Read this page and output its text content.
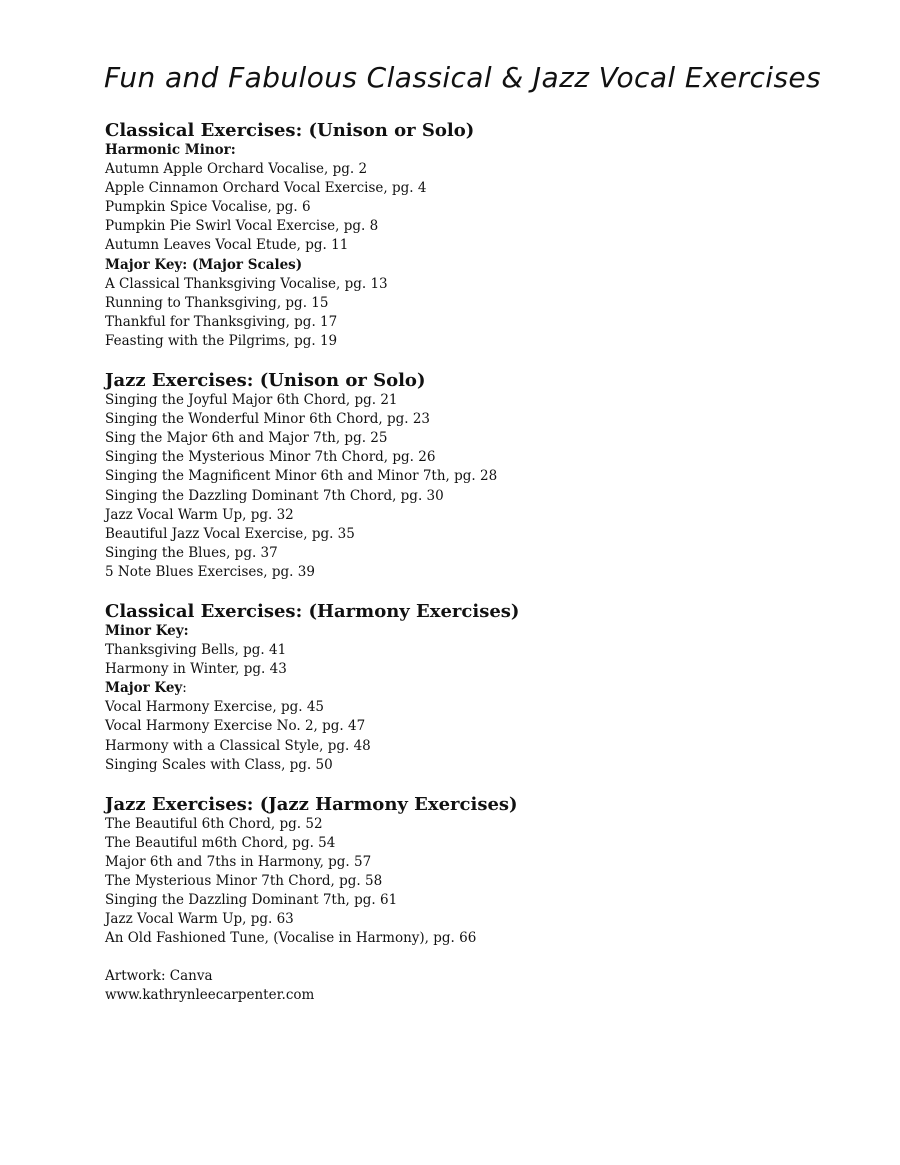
Fun and Fabulous Classical & Jazz Vocal Exercises
Classical Exercises: (Unison or Solo)
Harmonic Minor:
Autumn Apple Orchard Vocalise, pg. 2
Apple Cinnamon Orchard Vocal Exercise, pg. 4
Pumpkin Spice Vocalise, pg. 6
Pumpkin Pie Swirl Vocal Exercise, pg. 8
Autumn Leaves Vocal Etude, pg. 11
Major Key: (Major Scales)
A Classical Thanksgiving Vocalise, pg. 13
Running to Thanksgiving, pg. 15
Thankful for Thanksgiving, pg. 17
Feasting with the Pilgrims, pg. 19
Jazz Exercises: (Unison or Solo)
Singing the Joyful Major 6th Chord, pg. 21
Singing the Wonderful Minor 6th Chord, pg. 23
Sing the Major 6th and Major 7th, pg. 25
Singing the Mysterious Minor 7th Chord, pg. 26
Singing the Magnificent Minor 6th and Minor 7th, pg. 28
Singing the Dazzling Dominant 7th Chord, pg. 30
Jazz Vocal Warm Up, pg. 32
Beautiful Jazz Vocal Exercise, pg. 35
Singing the Blues, pg. 37
5 Note Blues Exercises, pg. 39
Classical Exercises: (Harmony Exercises)
Minor Key:
Thanksgiving Bells, pg. 41
Harmony in Winter, pg. 43
Major Key:
Vocal Harmony Exercise, pg. 45
Vocal Harmony Exercise No. 2, pg. 47
Harmony with a Classical Style, pg. 48
Singing Scales with Class, pg. 50
Jazz Exercises: (Jazz Harmony Exercises)
The Beautiful 6th Chord, pg. 52
The Beautiful m6th Chord, pg. 54
Major 6th and 7ths in Harmony, pg. 57
The Mysterious Minor 7th Chord, pg. 58
Singing the Dazzling Dominant 7th, pg. 61
Jazz Vocal Warm Up, pg. 63
An Old Fashioned Tune, (Vocalise in Harmony), pg. 66
Artwork: Canva
www.kathrynleecarpenter.com
